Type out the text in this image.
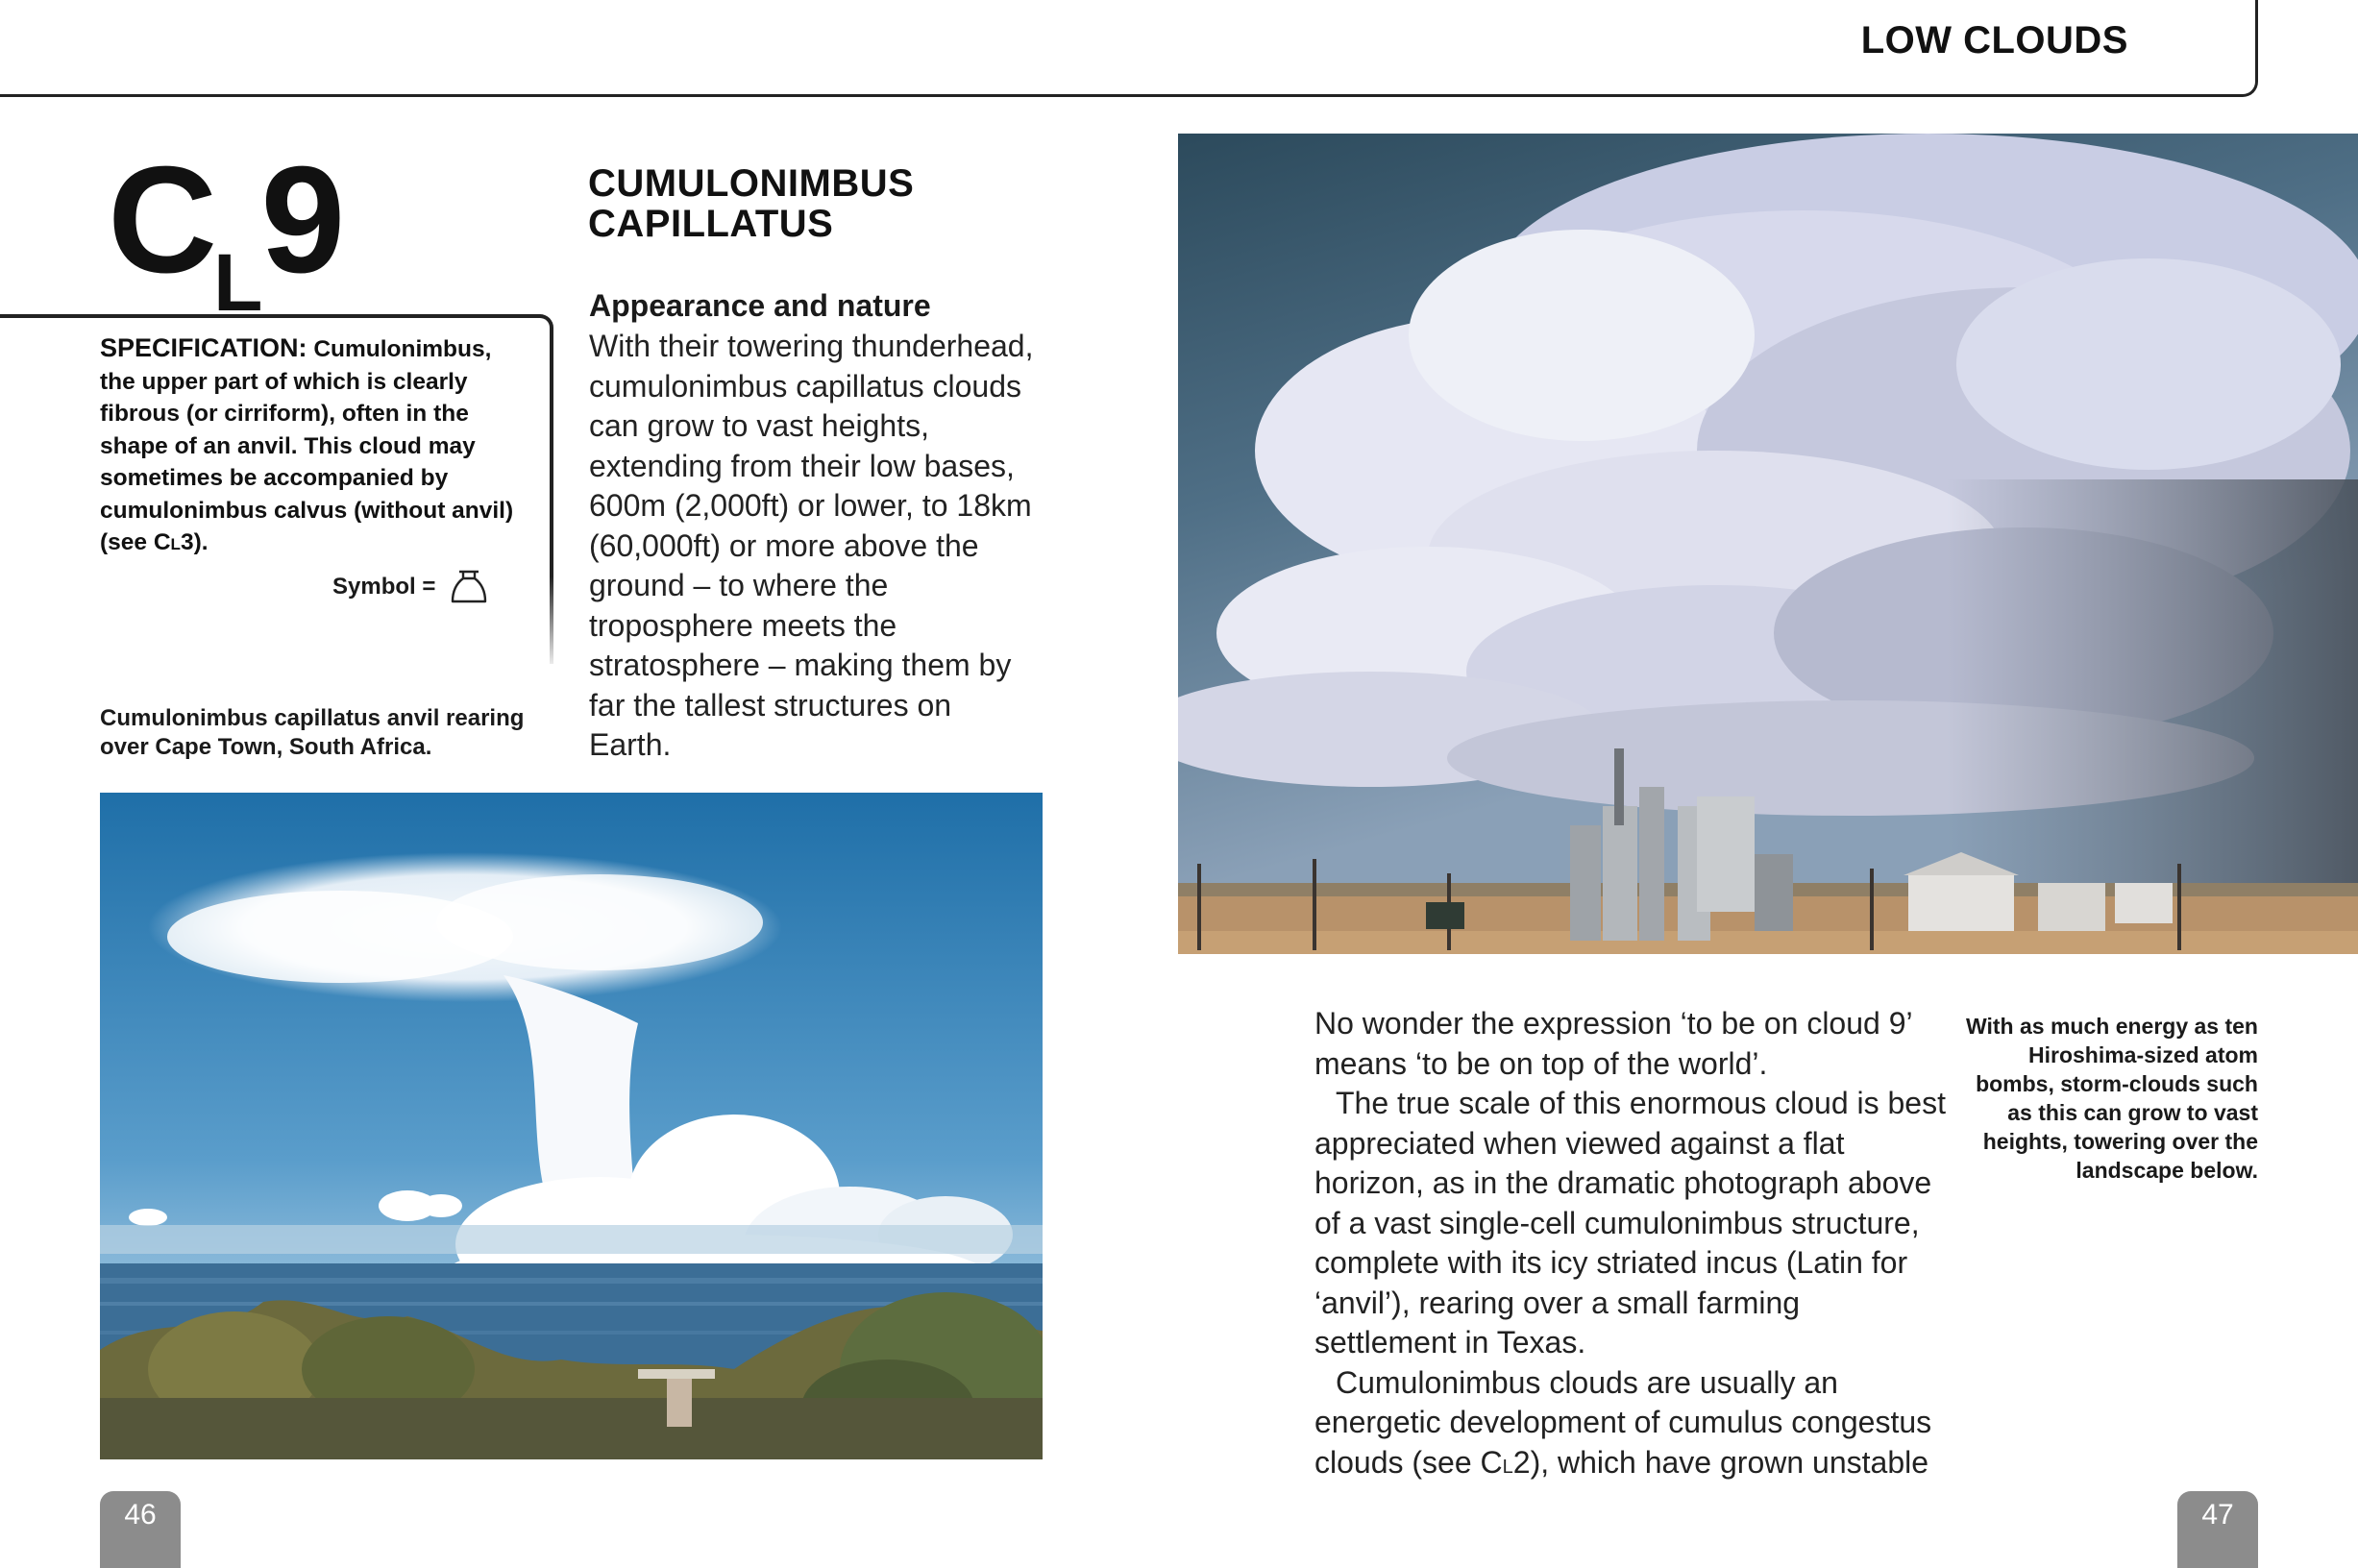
LOW CLOUDS
$C_L9$
SPECIFICATION: Cumulonimbus, the upper part of which is clearly fibrous (or cirriform), often in the shape of an anvil. This cloud may sometimes be accompanied by cumulonimbus calvus (without anvil) (see CL3).
Symbol =
Cumulonimbus capillatus anvil rearing over Cape Town, South Africa.
CUMULONIMBUS
CAPILLATUS
Appearance and nature
With their towering thunderhead, cumulonimbus capillatus clouds can grow to vast heights, extending from their low bases, 600m (2,000ft) or lower, to 18km (60,000ft) or more above the ground – to where the troposphere meets the stratosphere – making them by far the tallest structures on Earth.

No wonder the expression ‘to be on cloud 9’ means ‘to be on top of the world’.

The true scale of this enormous cloud is best appreciated when viewed against a flat horizon, as in the dramatic photograph above of a vast single-cell cumulonimbus structure, complete with its icy striated incus (Latin for ‘anvil’), rearing over a small farming settlement in Texas.

Cumulonimbus clouds are usually an energetic development of cumulus congestus clouds (see CL2), which have grown unstable

With as much energy as ten Hiroshima-sized atom bombs, storm-clouds such as this can grow to vast heights, towering over the landscape below.
46	47
